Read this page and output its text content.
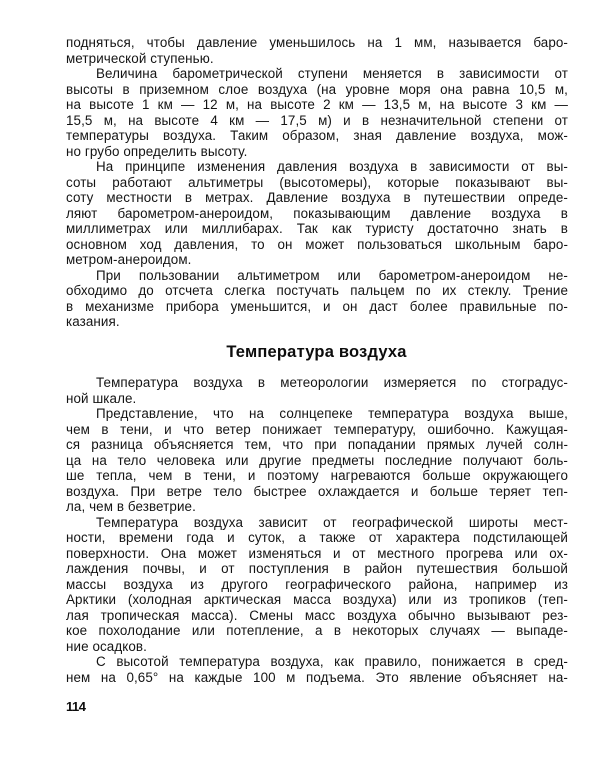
подняться, чтобы давление уменьшилось на 1 мм, называется баро-
метрической ступенью.
Величина барометрической ступени меняется в зависимости от
высоты в приземном слое воздуха (на уровне моря она равна 10,5 м,
на высоте 1 км — 12 м, на высоте 2 км — 13,5 м, на высоте 3 км —
15,5 м, на высоте 4 км — 17,5 м) и в незначительной степени от
температуры воздуха. Таким образом, зная давление воздуха, мож-
но грубо определить высоту.
На принципе изменения давления воздуха в зависимости от вы-
соты работают альтиметры (высотомеры), которые показывают вы-
соту местности в метрах. Давление воздуха в путешествии опреде-
ляют барометром-анероидом, показывающим давление воздуха в
миллиметрах или миллибарах. Так как туристу достаточно знать в
основном ход давления, то он может пользоваться школьным баро-
метром-анероидом.
При пользовании альтиметром или барометром-анероидом не-
обходимо до отсчета слегка постучать пальцем по их стеклу. Трение
в механизме прибора уменьшится, и он даст более правильные по-
казания.
Температура воздуха
Температура воздуха в метеорологии измеряется по стоградус-
ной шкале.
Представление, что на солнцепеке температура воздуха выше,
чем в тени, и что ветер понижает температуру, ошибочно. Кажущая-
ся разница объясняется тем, что при попадании прямых лучей солн-
ца на тело человека или другие предметы последние получают боль-
ше тепла, чем в тени, и поэтому нагреваются больше окружающего
воздуха. При ветре тело быстрее охлаждается и больше теряет теп-
ла, чем в безветрие.
Температура воздуха зависит от географической широты мест-
ности, времени года и суток, а также от характера подстилающей
поверхности. Она может изменяться и от местного прогрева или ох-
лаждения почвы, и от поступления в район путешествия большой
массы воздуха из другого географического района, например из
Арктики (холодная арктическая масса воздуха) или из тропиков (теп-
лая тропическая масса). Смены масс воздуха обычно вызывают рез-
кое похолодание или потепление, а в некоторых случаях — выпаде-
ние осадков.
С высотой температура воздуха, как правило, понижается в сред-
нем на 0,65° на каждые 100 м подъема. Это явление объясняет на-
114
